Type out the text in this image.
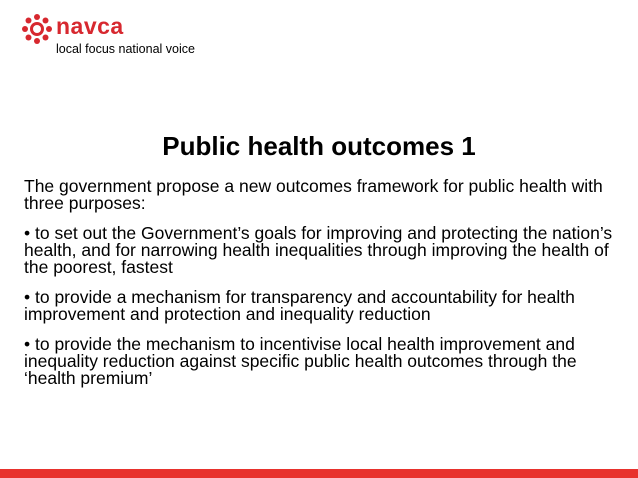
navca
local focus national voice
Public health outcomes 1

The government propose a new outcomes framework for public health with three purposes:

• to set out the Government’s goals for improving and protecting the nation’s health, and for narrowing health inequalities through improving the health of the poorest, fastest

• to provide a mechanism for transparency and accountability for health improvement and protection and inequality reduction

• to provide the mechanism to incentivise local health improvement and inequality reduction against specific public health outcomes through the ‘health premium’
